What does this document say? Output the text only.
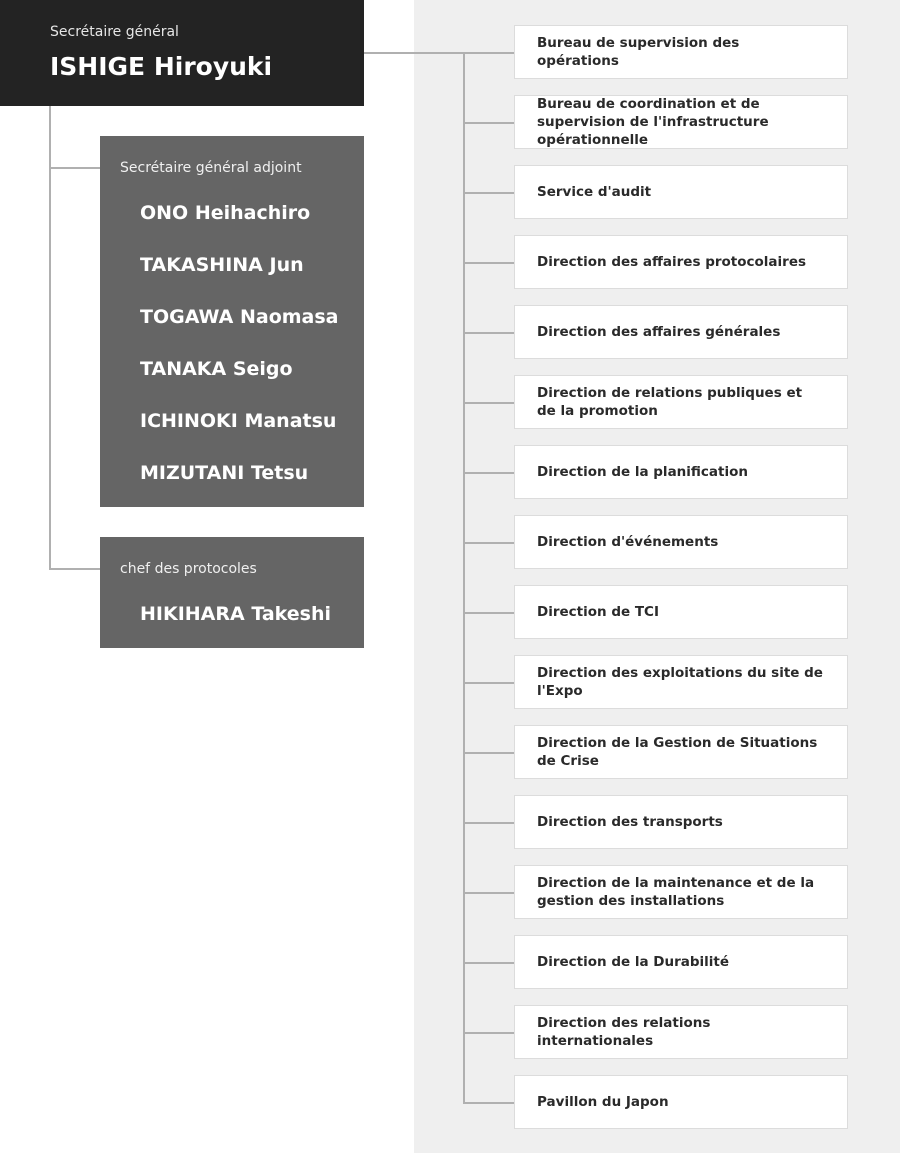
Secrétaire général
ISHIGE Hiroyuki
Secrétaire général adjoint
ONO Heihachiro
TAKASHINA Jun
TOGAWA Naomasa
TANAKA Seigo
ICHINOKI Manatsu
MIZUTANI Tetsu
chef des protocoles
HIKIHARA Takeshi
Bureau de supervision des opérations
Bureau de coordination et de supervision de l'infrastructure opérationnelle
Service d'audit
Direction des affaires protocolaires
Direction des affaires générales
Direction de relations publiques et de la promotion
Direction de la planification
Direction d'événements
Direction de TCI
Direction des exploitations du site de l'Expo
Direction de la Gestion de Situations de Crise
Direction des transports
Direction de la maintenance et de la gestion des installations
Direction de la Durabilité
Direction des relations internationales
Pavillon du Japon
